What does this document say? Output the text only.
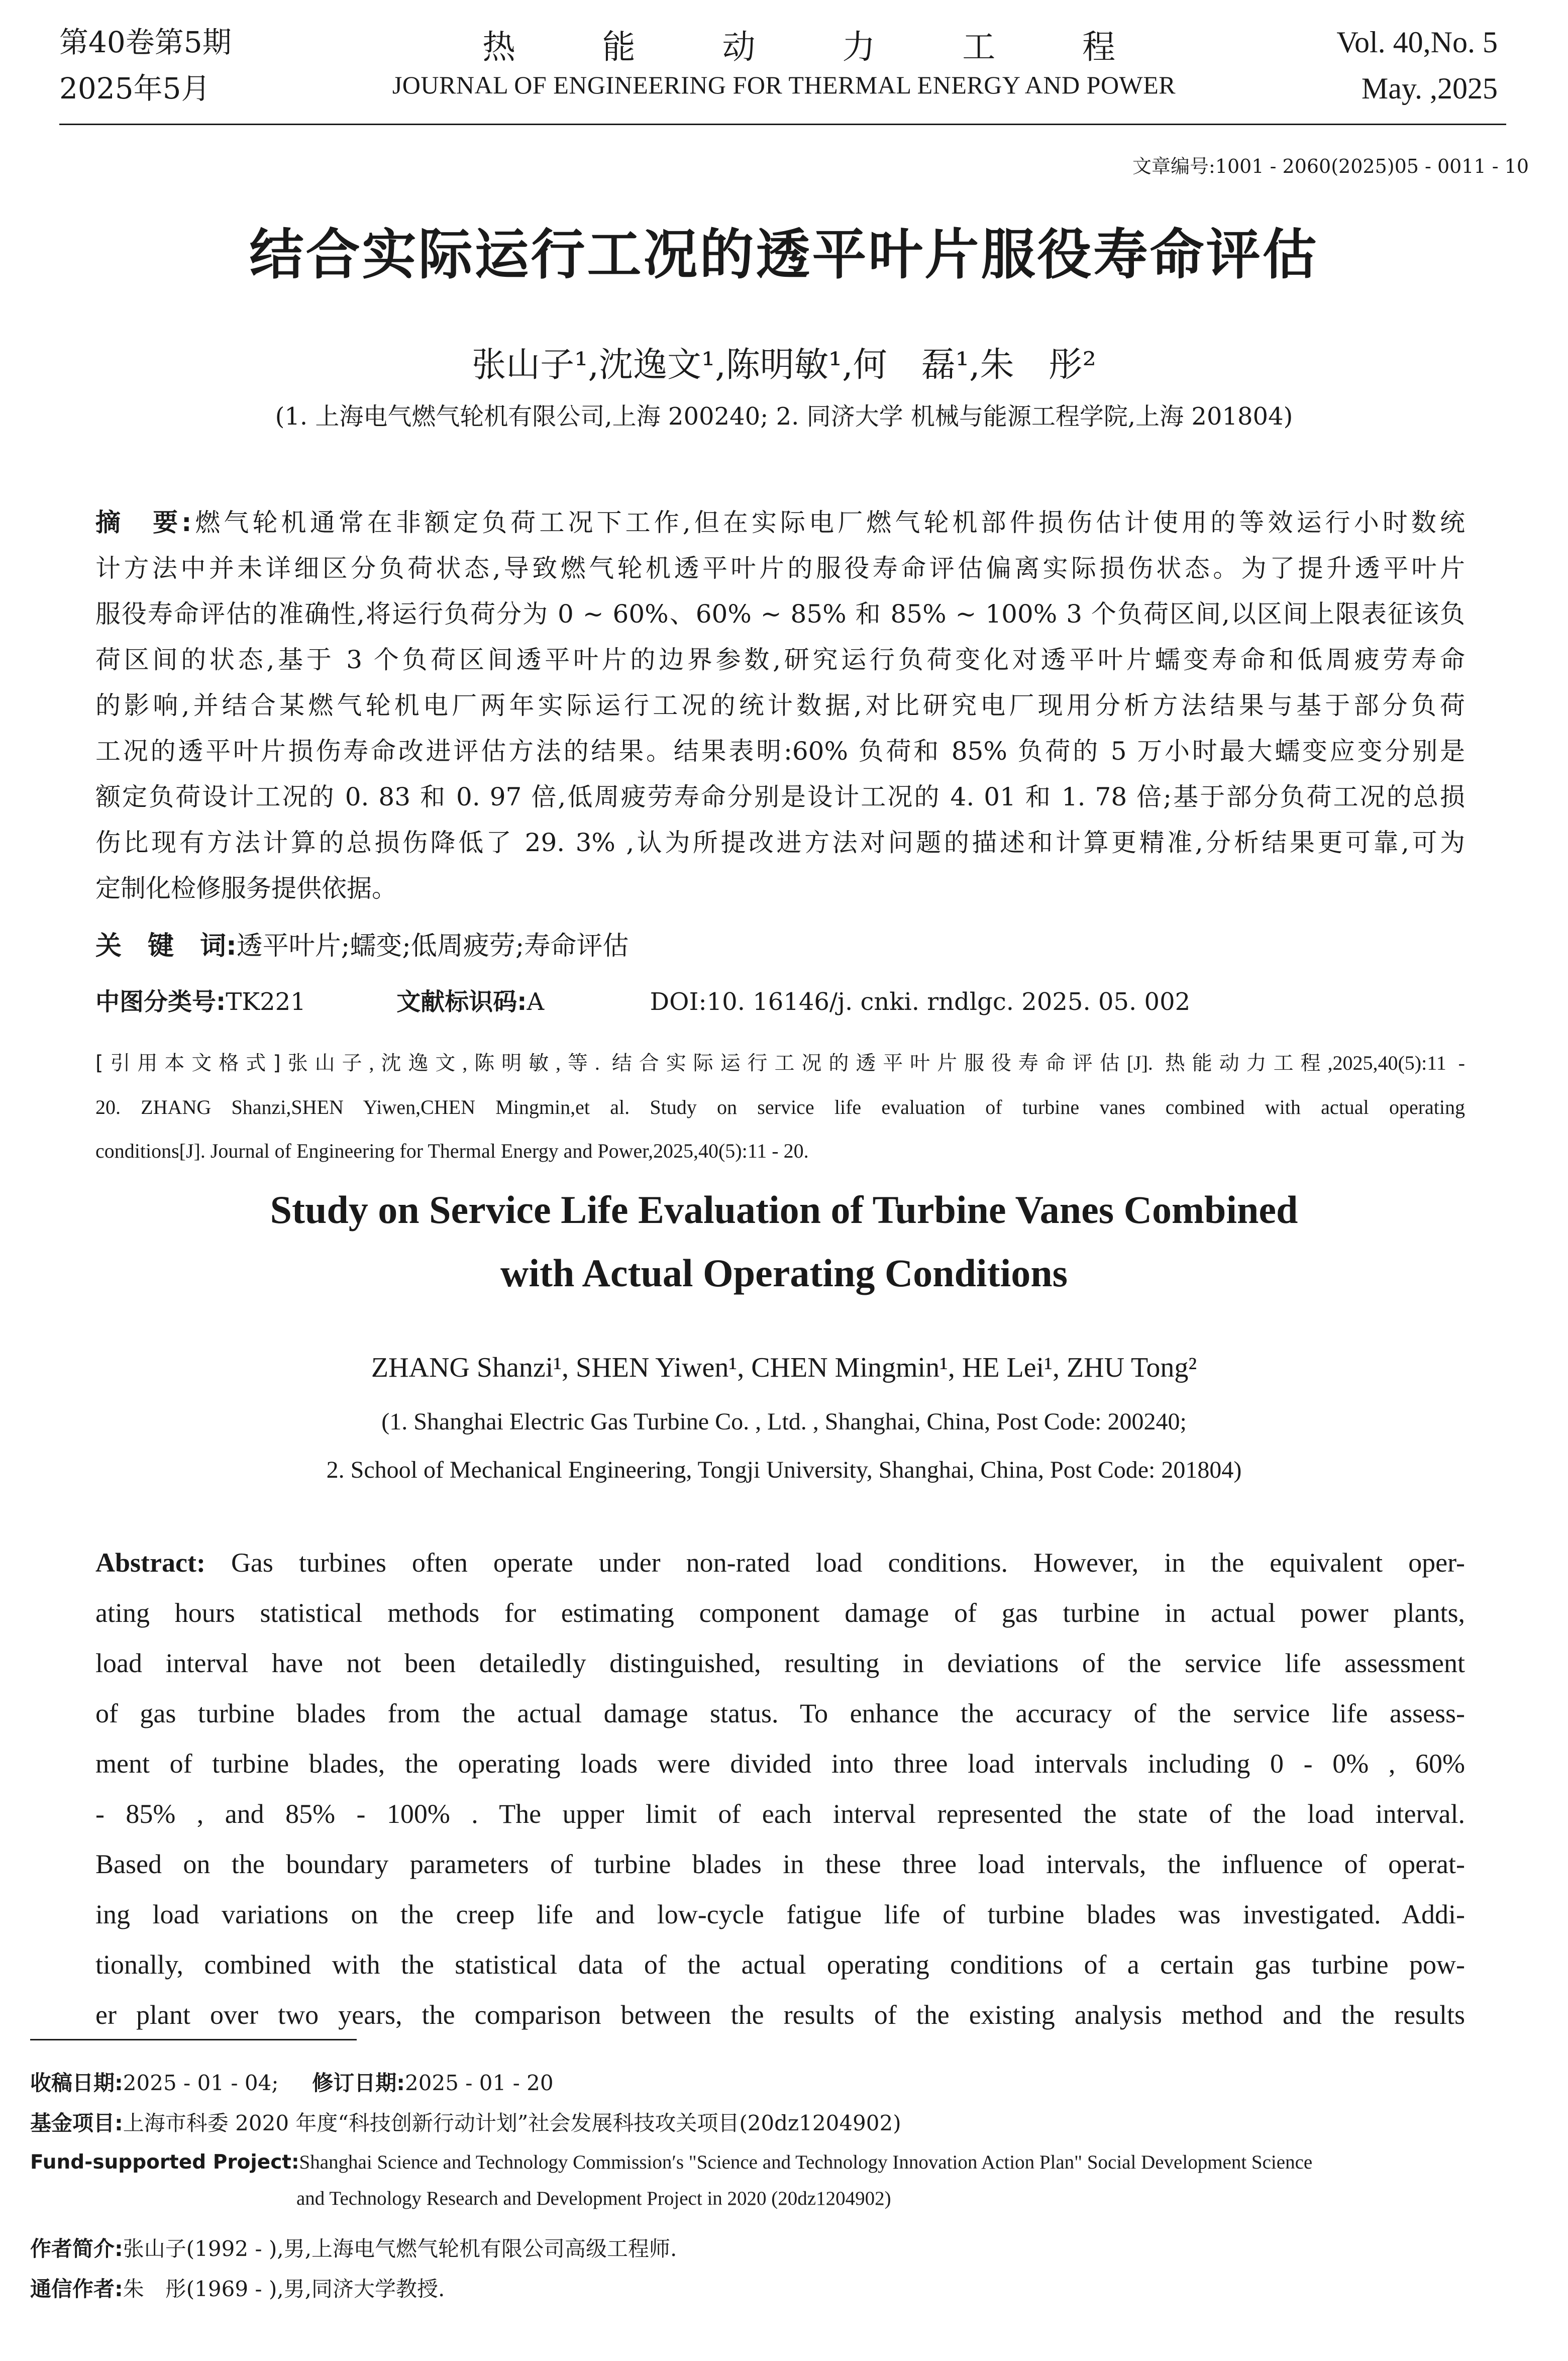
第40卷第5期
2025年5月
热	能	动	力	工	程
JOURNAL OF ENGINEERING FOR THERMAL ENERGY AND POWER
Vol. 40,No. 5
May. ,2025
文章编号:1001 - 2060(2025)05 - 0011 - 10
结合实际运行工况的透平叶片服役寿命评估
张山子¹,沈逸文¹,陈明敏¹,何　磊¹,朱　彤²
(1. 上海电气燃气轮机有限公司,上海 200240; 2. 同济大学 机械与能源工程学院,上海 201804)
摘　要:燃气轮机通常在非额定负荷工况下工作,但在实际电厂燃气轮机部件损伤估计使用的等效运行小时数统
计方法中并未详细区分负荷状态,导致燃气轮机透平叶片的服役寿命评估偏离实际损伤状态。为了提升透平叶片
服役寿命评估的准确性,将运行负荷分为 0 ~ 60%、60% ~ 85% 和 85% ~ 100% 3 个负荷区间,以区间上限表征该负
荷区间的状态,基于 3 个负荷区间透平叶片的边界参数,研究运行负荷变化对透平叶片蠕变寿命和低周疲劳寿命
的影响,并结合某燃气轮机电厂两年实际运行工况的统计数据,对比研究电厂现用分析方法结果与基于部分负荷
工况的透平叶片损伤寿命改进评估方法的结果。结果表明:60% 负荷和 85% 负荷的 5 万小时最大蠕变应变分别是
额定负荷设计工况的 0. 83 和 0. 97 倍,低周疲劳寿命分别是设计工况的 4. 01 和 1. 78 倍;基于部分负荷工况的总损
伤比现有方法计算的总损伤降低了 29. 3% ,认为所提改进方法对问题的描述和计算更精准,分析结果更可靠,可为
定制化检修服务提供依据。
关　键　词:透平叶片;蠕变;低周疲劳;寿命评估
中图分类号:TK221	文献标识码:A	DOI:10. 16146/j. cnki. rndlgc. 2025. 05. 002
[引用本文格式]张山子,沈逸文,陈明敏,等. 结合实际运行工况的透平叶片服役寿命评估[J]. 热能动力工程,2025,40(5):11 -
20. ZHANG Shanzi,SHEN Yiwen,CHEN Mingmin,et al. Study on service life evaluation of turbine vanes combined with actual operating
conditions[J]. Journal of Engineering for Thermal Energy and Power,2025,40(5):11 - 20.
Study on Service Life Evaluation of Turbine Vanes Combined
with Actual Operating Conditions
ZHANG Shanzi¹, SHEN Yiwen¹, CHEN Mingmin¹, HE Lei¹, ZHU Tong²
(1. Shanghai Electric Gas Turbine Co. , Ltd. , Shanghai, China, Post Code: 200240;
2. School of Mechanical Engineering, Tongji University, Shanghai, China, Post Code: 201804)
Abstract: Gas turbines often operate under non-rated load conditions. However, in the equivalent oper-
ating hours statistical methods for estimating component damage of gas turbine in actual power plants,
load interval have not been detailedly distinguished, resulting in deviations of the service life assessment
of gas turbine blades from the actual damage status. To enhance the accuracy of the service life assess-
ment of turbine blades, the operating loads were divided into three load intervals including 0 - 0% , 60%
- 85% , and 85% - 100% . The upper limit of each interval represented the state of the load interval.
Based on the boundary parameters of turbine blades in these three load intervals, the influence of operat-
ing load variations on the creep life and low-cycle fatigue life of turbine blades was investigated. Addi-
tionally, combined with the statistical data of the actual operating conditions of a certain gas turbine pow-
er plant over two years, the comparison between the results of the existing analysis method and the results
收稿日期:2025 - 01 - 04; 修订日期:2025 - 01 - 20
基金项目:上海市科委 2020 年度“科技创新行动计划”社会发展科技攻关项目(20dz1204902)
Fund-supported Project:Shanghai Science and Technology Commission′s "Science and Technology Innovation Action Plan" Social Development Science
and Technology Research and Development Project in 2020 (20dz1204902)
作者简介:张山子(1992 - ),男,上海电气燃气轮机有限公司高级工程师.
通信作者:朱　彤(1969 - ),男,同济大学教授.
